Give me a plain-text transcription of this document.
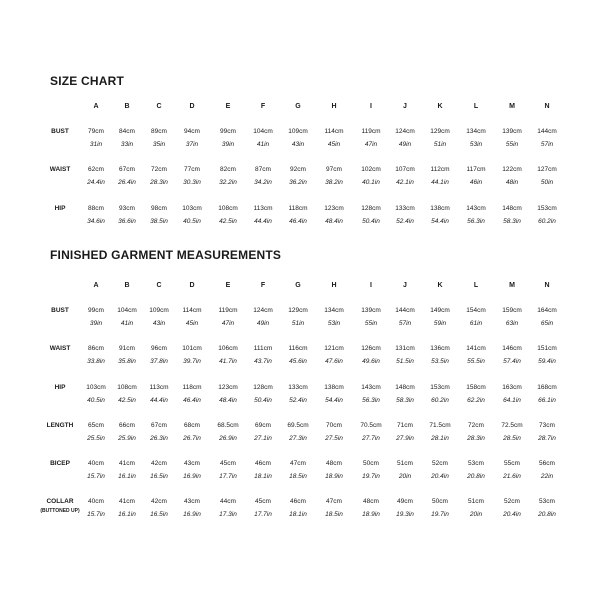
SIZE CHART
A	B	C	D	E	F	G	H	I	J	K	L	M	N
BUST	79cm	84cm	89cm	94cm	99cm	104cm	109cm	114cm	119cm	124cm	129cm	134cm	139cm	144cm
31in	33in	35in	37in	39in	41in	43in	45in	47in	49in	51in	53in	55in	57in
WAIST	62cm	67cm	72cm	77cm	82cm	87cm	92cm	97cm	102cm	107cm	112cm	117cm	122cm	127cm
24.4in	26.4in	28.3in	30.3in	32.2in	34.2in	36.2in	38.2in	40.1in	42.1in	44.1in	46in	48in	50in
HIP	88cm	93cm	98cm	103cm	108cm	113cm	118cm	123cm	128cm	133cm	138cm	143cm	148cm	153cm
34.6in	36.6in	38.5in	40.5in	42.5in	44.4in	46.4in	48.4in	50.4in	52.4in	54.4in	56.3in	58.3in	60.2in
FINISHED GARMENT MEASUREMENTS
A	B	C	D	E	F	G	H	I	J	K	L	M	N
BUST	99cm	104cm	109cm	114cm	119cm	124cm	129cm	134cm	139cm	144cm	149cm	154cm	159cm	164cm
39in	41in	43in	45in	47in	49in	51in	53in	55in	57in	59in	61in	63in	65in
WAIST	86cm	91cm	96cm	101cm	106cm	111cm	116cm	121cm	126cm	131cm	136cm	141cm	146cm	151cm
33.8in	35.8in	37.8in	39.7in	41.7in	43.7in	45.6in	47.6in	49.6in	51.5in	53.5in	55.5in	57.4in	59.4in
HIP	103cm	108cm	113cm	118cm	123cm	128cm	133cm	138cm	143cm	148cm	153cm	158cm	163cm	168cm
40.5in	42.5in	44.4in	46.4in	48.4in	50.4in	52.4in	54.4in	56.3in	58.3in	60.2in	62.2in	64.1in	66.1in
LENGTH	65cm	66cm	67cm	68cm	68.5cm	69cm	69.5cm	70cm	70.5cm	71cm	71.5cm	72cm	72.5cm	73cm
25.5in	25.9in	26.3in	26.7in	26.9in	27.1in	27.3in	27.5in	27.7in	27.9in	28.1in	28.3in	28.5in	28.7in
BICEP	40cm	41cm	42cm	43cm	45cm	46cm	47cm	48cm	50cm	51cm	52cm	53cm	55cm	56cm
15.7in	16.1in	16.5in	16.9in	17.7in	18.1in	18.5in	18.9in	19.7in	20in	20.4in	20.8in	21.6in	22in
COLLAR
(BUTTONED UP)
40cm	41cm	42cm	43cm	44cm	45cm	46cm	47cm	48cm	49cm	50cm	51cm	52cm	53cm
15.7in	16.1in	16.5in	16.9in	17.3in	17.7in	18.1in	18.5in	18.9in	19.3in	19.7in	20in	20.4in	20.8in
